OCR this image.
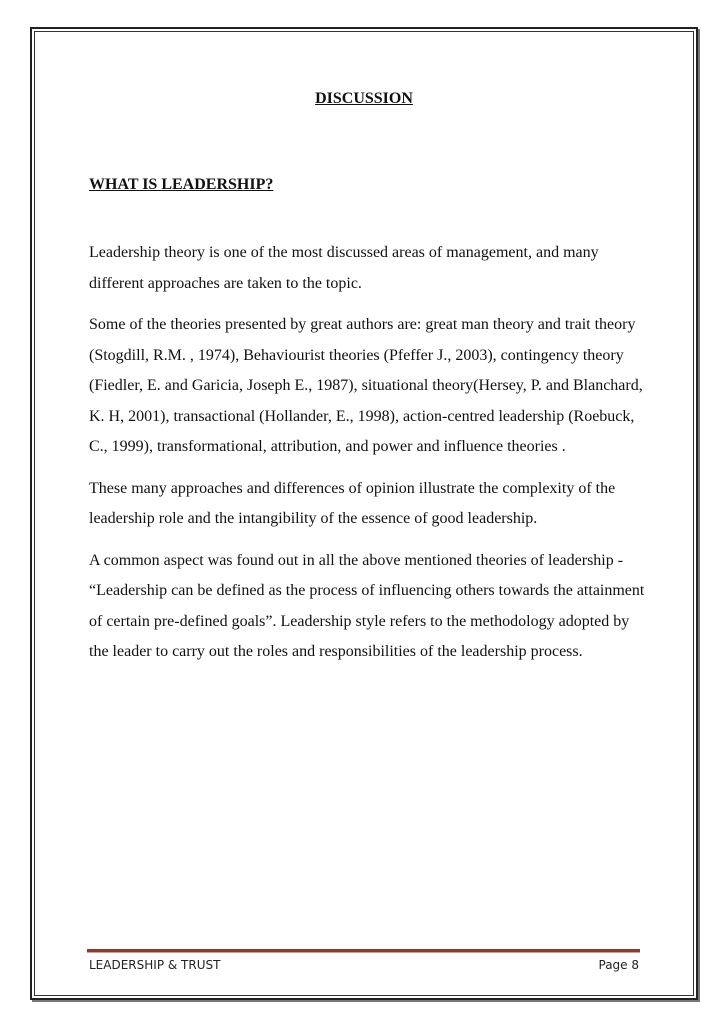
DISCUSSION
WHAT IS LEADERSHIP?

Leadership theory is one of the most discussed areas of management, and many different approaches are taken to the topic.

Some of the theories presented by great authors are: great man theory and trait theory (Stogdill, R.M. , 1974), Behaviourist theories (Pfeffer J., 2003), contingency theory (Fiedler, E. and Garicia, Joseph E., 1987), situational theory(Hersey, P. and Blanchard, K. H, 2001), transactional (Hollander, E., 1998), action-centred leadership (Roebuck, C., 1999), transformational, attribution, and power and influence theories .

These many approaches and differences of opinion illustrate the complexity of the leadership role and the intangibility of the essence of good leadership.

A common aspect was found out in all the above mentioned theories of leadership - “Leadership can be defined as the process of influencing others towards the attainment of certain pre-defined goals”. Leadership style refers to the methodology adopted by the leader to carry out the roles and responsibilities of the leadership process.

LEADERSHIP & TRUST	Page 8
